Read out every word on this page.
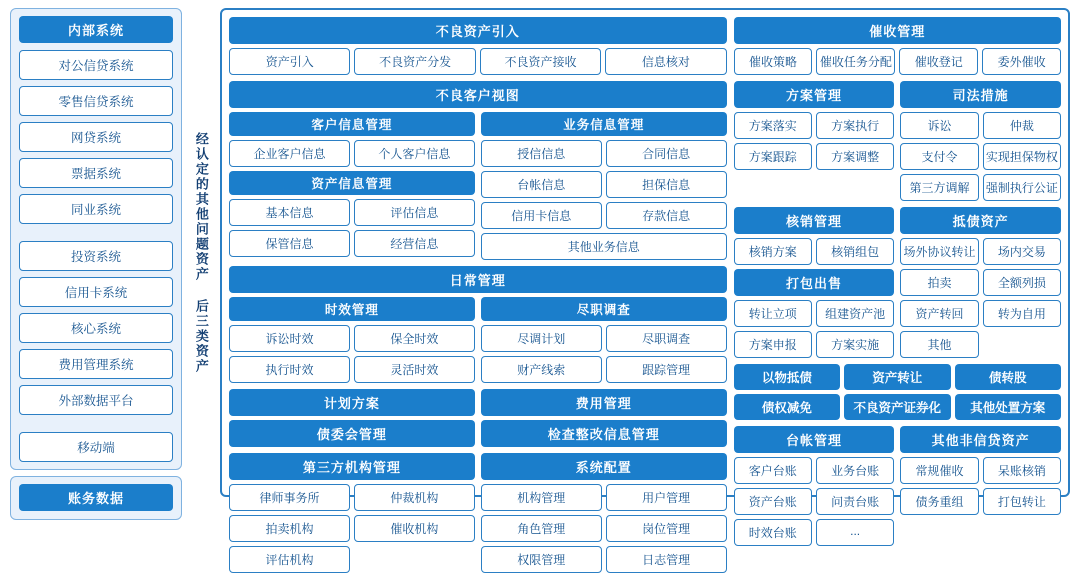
内部系统
对公信贷系统
零售信贷系统
网贷系统
票据系统
同业系统
投资系统
信用卡系统
核心系统
费用管理系统
外部数据平台
移动端
账务数据
经认定的其他问题资产 后三类资产
不良资产引入
资产引入	不良资产分发	不良资产接收	信息核对
不良客户视图
客户信息管理
企业客户信息	个人客户信息
资产信息管理
基本信息	评估信息
保管信息	经营信息
业务信息管理
授信信息	合同信息
台帐信息	担保信息
信用卡信息	存款信息
其他业务信息
日常管理
时效管理
诉讼时效	保全时效
执行时效	灵活时效
尽职调查
尽调计划	尽职调查
财产线索	跟踪管理
计划方案
债委会管理
费用管理
检查整改信息管理
第三方机构管理
律师事务所	仲裁机构
拍卖机构	催收机构
评估机构
系统配置
机构管理	用户管理
角色管理	岗位管理
权限管理	日志管理
催收管理
催收策略	催收任务分配	催收登记	委外催收
方案管理
方案落实	方案执行
方案跟踪	方案调整
司法措施
诉讼	仲裁
支付令	实现担保物权
第三方调解	强制执行公证
核销管理
核销方案	核销组包
打包出售
转让立项	组建资产池
方案申报	方案实施
抵债资产
场外协议转让	场内交易
拍卖	全额列损
资产转回	转为自用
其他
以物抵债	资产转让	债转股
债权减免	不良资产证券化	其他处置方案
台帐管理
客户台账	业务台账
资产台账	问责台账
时效台账	...
其他非信贷资产
常规催收	呆账核销
债务重组	打包转让
